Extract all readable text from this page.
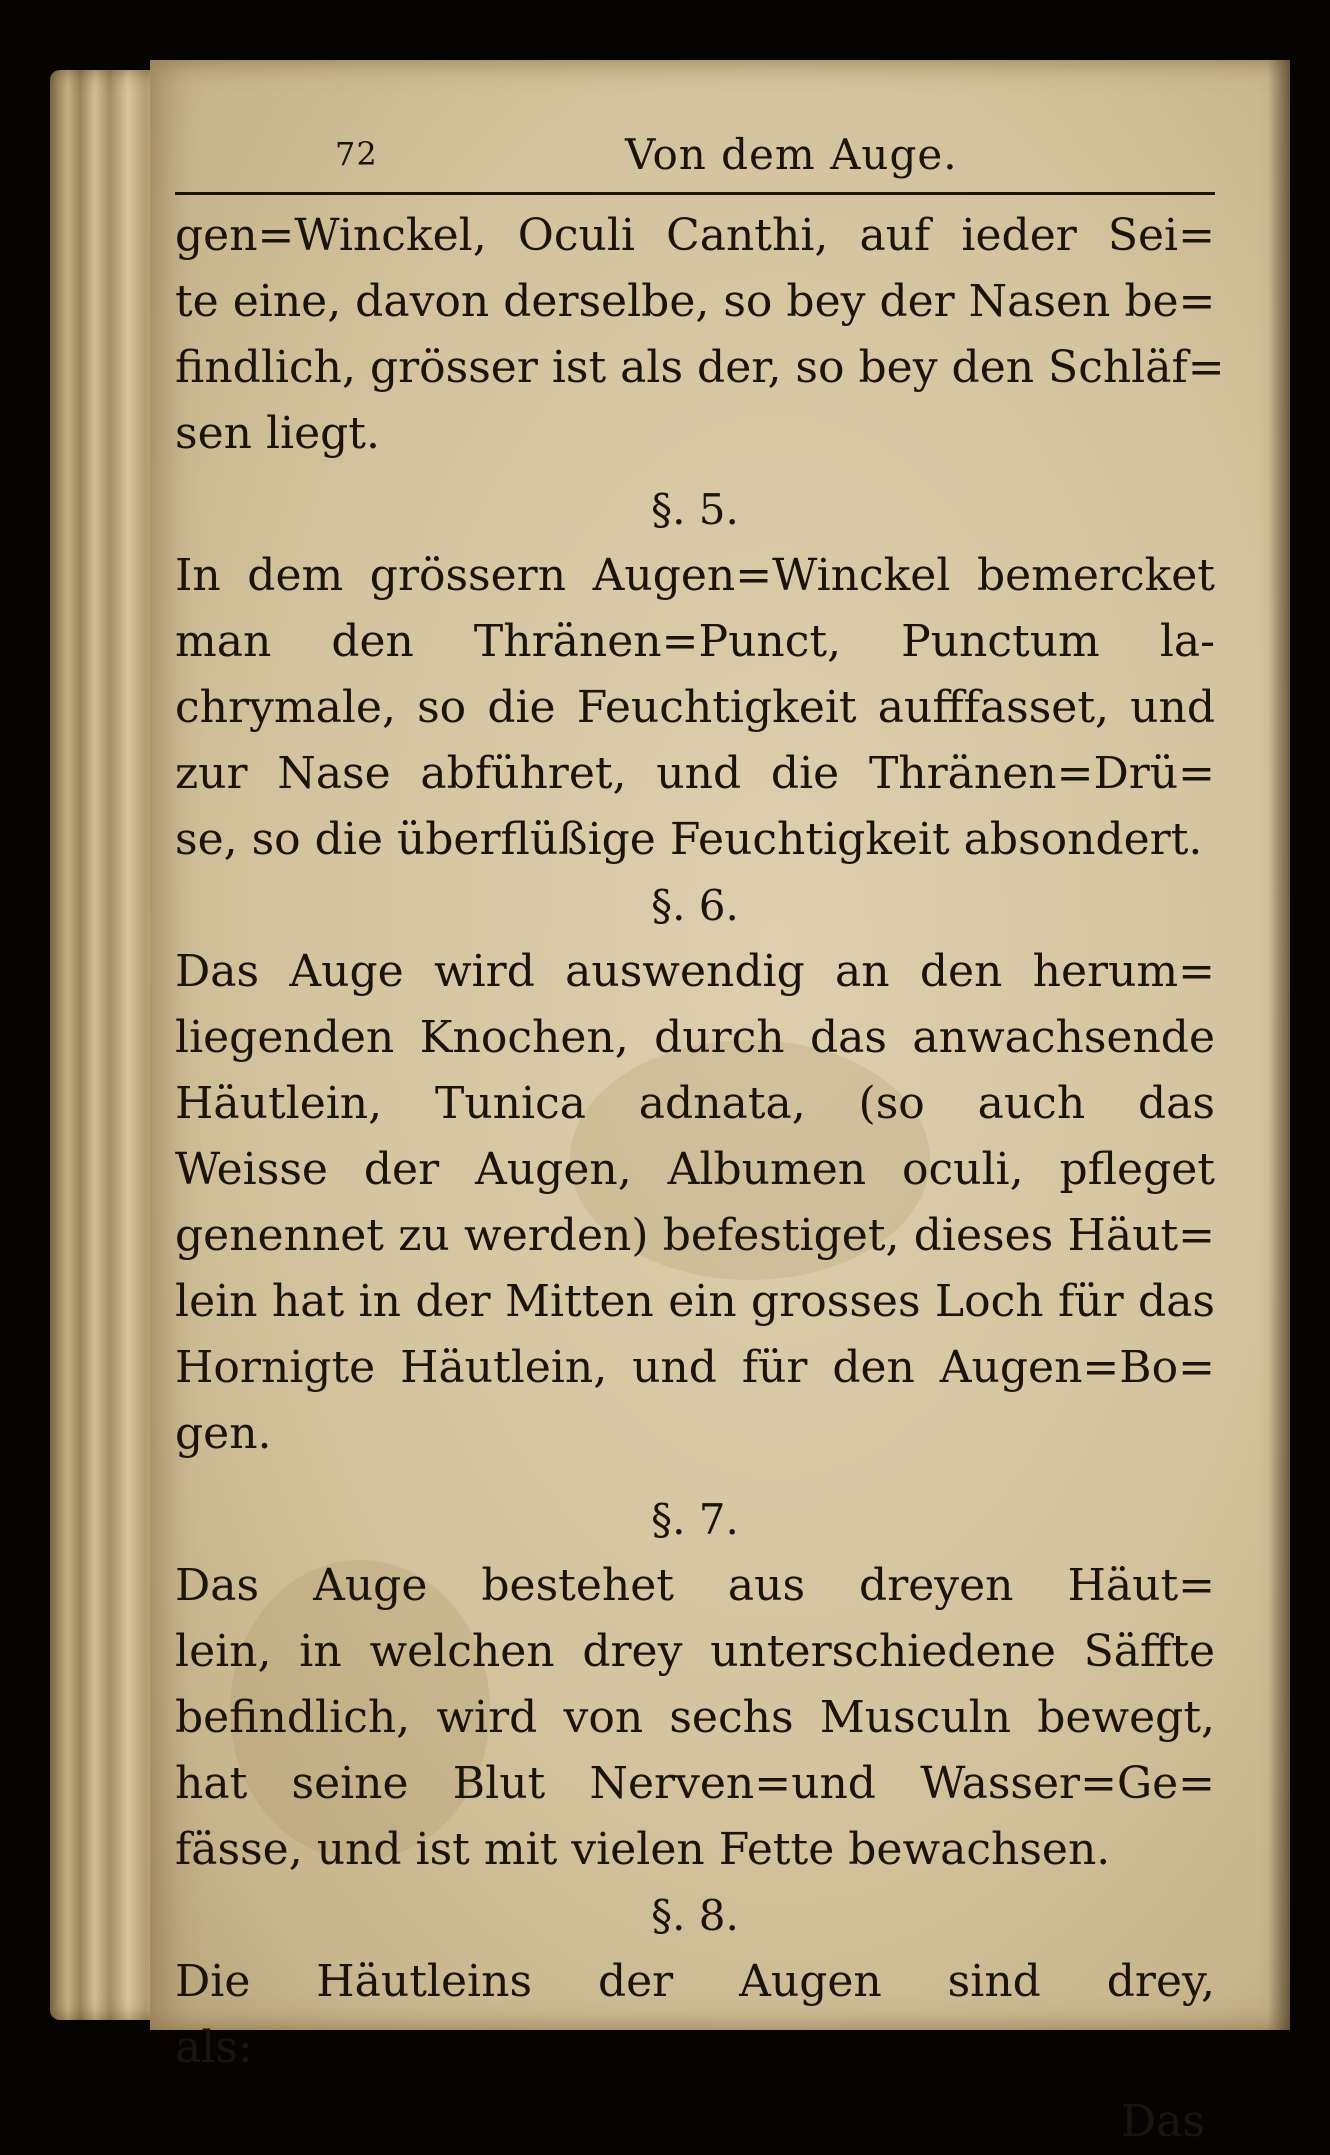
72	Von dem Auge.
gen=Winckel, Oculi Canthi, auf ieder Sei=
te eine, davon derselbe, so bey der Nasen be=
findlich, grösser ist als der, so bey den Schläf=
sen liegt.
§. 5.
In dem grössern Augen=Winckel bemercket
man den Thränen=Punct, Punctum la-
chrymale, so die Feuchtigkeit aufffasset, und
zur Nase abführet, und die Thränen=Drü=
se, so die überflüßige Feuchtigkeit absondert.
§. 6.
Das Auge wird auswendig an den herum=
liegenden Knochen, durch das anwachsende
Häutlein, Tunica adnata, (so auch das
Weisse der Augen, Albumen oculi, pfleget
genennet zu werden) befestiget, dieses Häut=
lein hat in der Mitten ein grosses Loch für das
Hornigte Häutlein, und für den Augen=Bo=
gen.
§. 7.
Das Auge bestehet aus dreyen Häut=
lein, in welchen drey unterschiedene Säffte
befindlich, wird von sechs Musculn bewegt,
hat seine Blut Nerven=und Wasser=Ge=
fässe, und ist mit vielen Fette bewachsen.
§. 8.
Die Häutleins der Augen sind drey,
als:
Das
